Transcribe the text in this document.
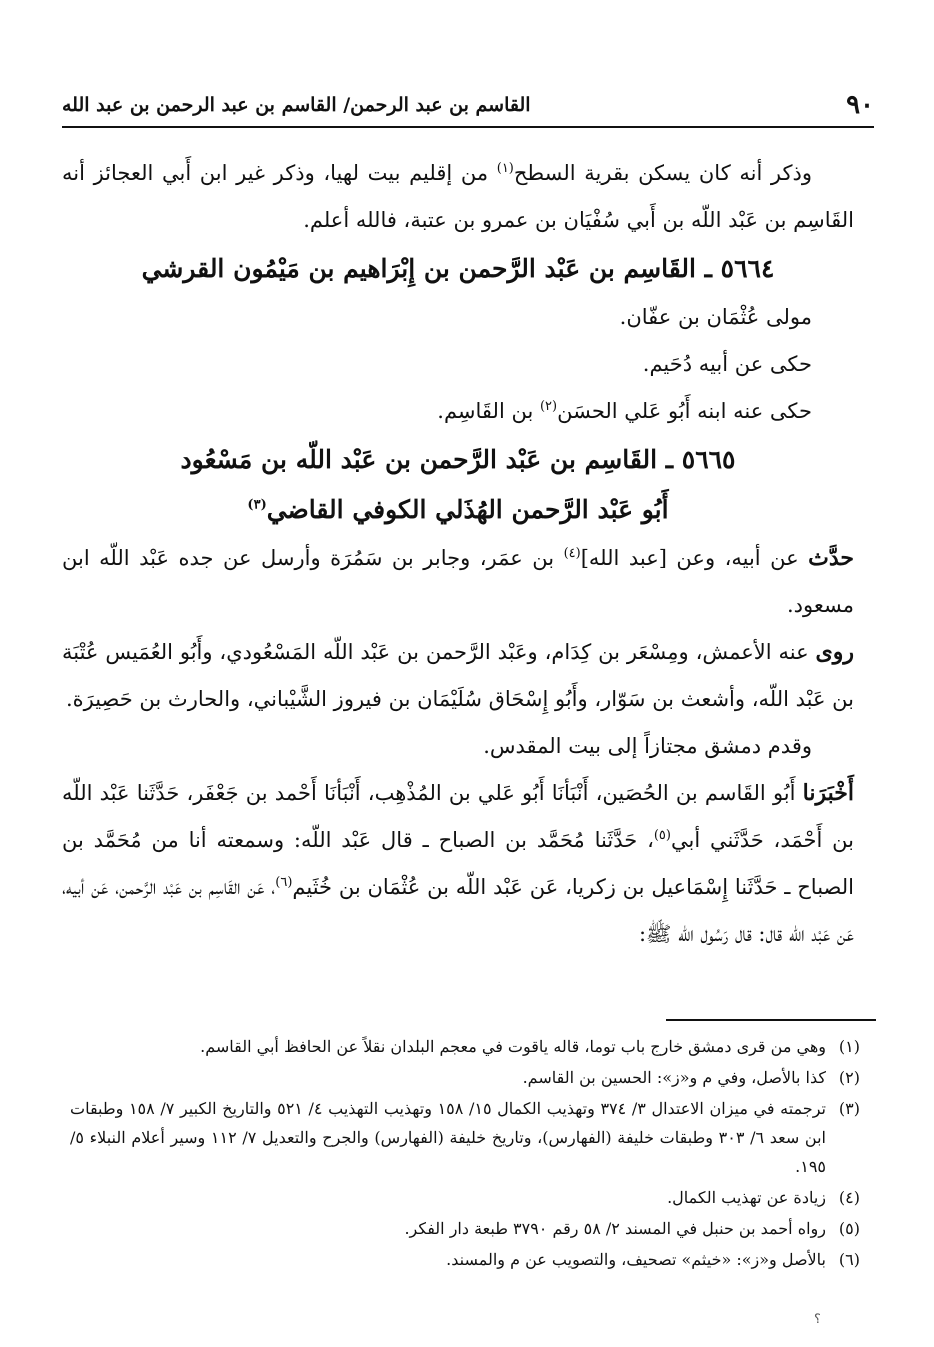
٩٠
القاسم بن عبد الرحمن/ القاسم بن عبد الرحمن بن عبد الله

وذكر أنه كان يسكن بقرية السطح$^{(١)}$ من إقليم بيت لهيا، وذكر غير ابن أَبي العجائز أنه القَاسِم بن عَبْد اللّه بن أَبي سُفْيَان بن عمرو بن عتبة، فالله أعلم.

٥٦٦٤ ـ القَاسِم بن عَبْد الرَّحمن بن إِبْرَاهيم بن مَيْمُون القرشي

مولى عُثْمَان بن عفّان.

حكى عن أبيه دُحَيم.

حكى عنه ابنه أَبُو عَلي الحسَن$^{(٢)}$ بن القَاسِم.

٥٦٦٥ ـ القَاسِم بن عَبْد الرَّحمن بن عَبْد اللّه بن مَسْعُود
أَبُو عَبْد الرَّحمن الهُذَلي الكوفي القاضي$^{(٣)}$

حدَّث عن أبيه، وعن [عبد الله]$^{(٤)}$ بن عمَر، وجابر بن سَمُرَة وأرسل عن جده عَبْد اللّه ابن مسعود.

روى عنه الأعمش، ومِسْعَر بن كِدَام، وعَبْد الرَّحمن بن عَبْد اللّه المَسْعُودي، وأَبُو العُمَيس عُتْبَة بن عَبْد اللّه، وأشعث بن سَوّار، وأَبُو إِسْحَاق سُلَيْمَان بن فيروز الشَّيْباني، والحارث بن حَصِيرَة.

وقدم دمشق مجتازاً إلى بيت المقدس.

أَخْبَرَنا أَبُو القَاسم بن الحُصَين، أَنْبَأنَا أَبُو عَلي بن المُذْهِب، أَنْبَأنَا أَحْمد بن جَعْفَر، حَدَّثَنا عَبْد اللّه بن أَحْمَد، حَدَّثَني أبي$^{(٥)}$، حَدَّثَنا مُحَمَّد بن الصباح ـ قال عَبْد اللّه: وسمعته أنا من مُحَمَّد بن الصباح ـ حَدَّثَنا إِسْمَاعيل بن زكريا، عَن عَبْد اللّه بن عُثْمَان بن خُثَيم$^{(٦)}$، عَن القَاسِم بن عَبْد الرَّحمن، عَن أبيه، عَن عَبْد اللّه قال: قال رَسُول الله ﷺ:

(١)
وهي من قرى دمشق خارج باب توما، قاله ياقوت في معجم البلدان نقلاً عن الحافظ أبي القاسم.
(٢)
كذا بالأصل، وفي م و«ز»: الحسين بن القاسم.
(٣)
ترجمته في ميزان الاعتدال ٣/ ٣٧٤ وتهذيب الكمال ١٥/ ١٥٨ وتهذيب التهذيب ٤/ ٥٢١ والتاريخ الكبير ٧/ ١٥٨ وطبقات ابن سعد ٦/ ٣٠٣ وطبقات خليفة (الفهارس)، وتاريخ خليفة (الفهارس) والجرح والتعديل ٧/ ١١٢ وسير أعلام النبلاء ٥/ ١٩٥.
(٤)
زيادة عن تهذيب الكمال.
(٥)
رواه أحمد بن حنبل في المسند ٢/ ٥٨ رقم ٣٧٩٠ طبعة دار الفكر.
(٦)
بالأصل و«ز»: «خيثم» تصحيف، والتصويب عن م والمسند.
؟
